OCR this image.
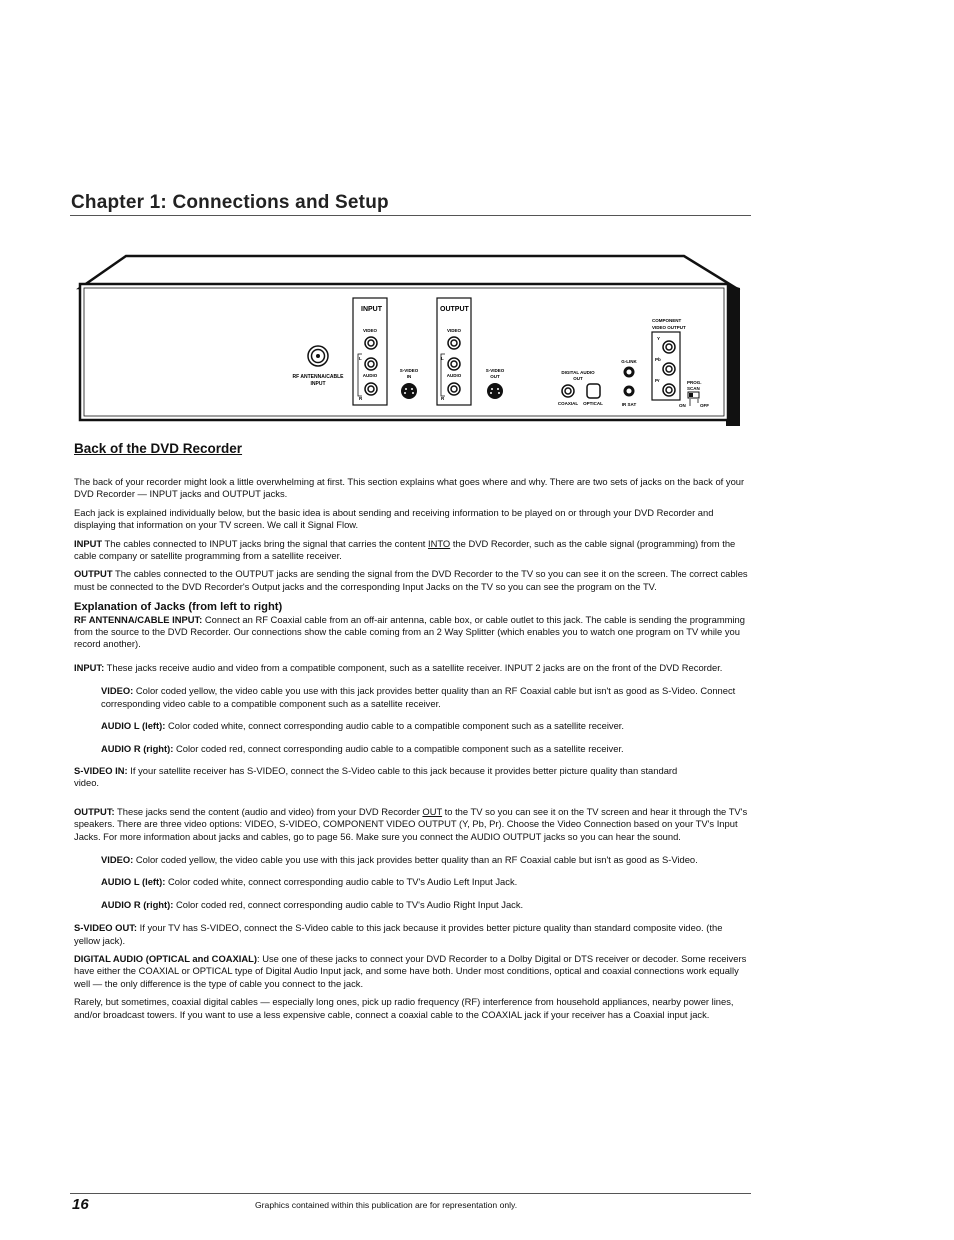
Chapter 1: Connections and Setup
RF ANTENNA/CABLE
INPUT
INPUT
VIDEO
L
AUDIO
R
S-VIDEO
IN
OUTPUT
VIDEO
L
AUDIO
R
S-VIDEO
OUT
DIGITAL AUDIO
OUT
COAXIAL OPTICAL
G-LINK
IR SAT
COMPONENT
VIDEO OUTPUT
Y
Pb
Pr	PROG.
SCAN
ON	OFF
Back of the DVD Recorder

The back of your recorder might look a little overwhelming at first. This section explains what goes where and why. There are two sets of jacks on the back of your DVD Recorder — INPUT jacks and OUTPUT jacks.

Each jack is explained individually below, but the basic idea is about sending and receiving information to be played on or through your DVD Recorder and displaying that information on your TV screen. We call it Signal Flow.

INPUT The cables connected to INPUT jacks bring the signal that carries the content INTO the DVD Recorder, such as the cable signal (programming) from the cable company or satellite programming from a satellite receiver.

OUTPUT The cables connected to the OUTPUT jacks are sending the signal from the DVD Recorder to the TV so you can see it on the screen. The correct cables must be connected to the DVD Recorder's Output jacks and the corresponding Input Jacks on the TV so you can see the program on the TV.

Explanation of Jacks (from left to right)

RF ANTENNA/CABLE INPUT: Connect an RF Coaxial cable from an off-air antenna, cable box, or cable outlet to this jack. The cable is sending the programming from the source to the DVD Recorder. Our connections show the cable coming from an 2 Way Splitter (which enables you to watch one program on TV while you record another).

INPUT: These jacks receive audio and video from a compatible component, such as a satellite receiver. INPUT 2 jacks are on the front of the DVD Recorder.

VIDEO: Color coded yellow, the video cable you use with this jack provides better quality than an RF Coaxial cable but isn't as good as S-Video. Connect corresponding video cable to a compatible component such as a satellite receiver.

AUDIO L (left): Color coded white, connect corresponding audio cable to a compatible component such as a satellite receiver.

AUDIO R (right): Color coded red, connect corresponding audio cable to a compatible component such as a satellite receiver.

S-VIDEO IN: If your satellite receiver has S-VIDEO, connect the S-Video cable to this jack because it provides better picture quality than standard video.

OUTPUT: These jacks send the content (audio and video) from your DVD Recorder OUT to the TV so you can see it on the TV screen and hear it through the TV's speakers. There are three video options: VIDEO, S-VIDEO, COMPONENT VIDEO OUTPUT (Y, Pb, Pr). Choose the Video Connection based on your TV's Input Jacks. For more information about jacks and cables, go to page 56. Make sure you connect the AUDIO OUTPUT jacks so you can hear the sound.

VIDEO: Color coded yellow, the video cable you use with this jack provides better quality than an RF Coaxial cable but isn't as good as S-Video.

AUDIO L (left): Color coded white, connect corresponding audio cable to TV's Audio Left Input Jack.

AUDIO R (right): Color coded red, connect corresponding audio cable to TV's Audio Right Input Jack.

S-VIDEO OUT: If your TV has S-VIDEO, connect the S-Video cable to this jack because it provides better picture quality than standard composite video. (the yellow jack).

DIGITAL AUDIO (OPTICAL and COAXIAL): Use one of these jacks to connect your DVD Recorder to a Dolby Digital or DTS receiver or decoder. Some receivers have either the COAXIAL or OPTICAL type of Digital Audio Input jack, and some have both. Under most conditions, optical and coaxial connections work equally well — the only difference is the type of cable you connect to the jack.

Rarely, but sometimes, coaxial digital cables — especially long ones, pick up radio frequency (RF) interference from household appliances, nearby power lines, and/or broadcast towers. If you want to use a less expensive cable, connect a coaxial cable to the COAXIAL jack if your receiver has a Coaxial input jack.

16	Graphics contained within this publication are for representation only.
